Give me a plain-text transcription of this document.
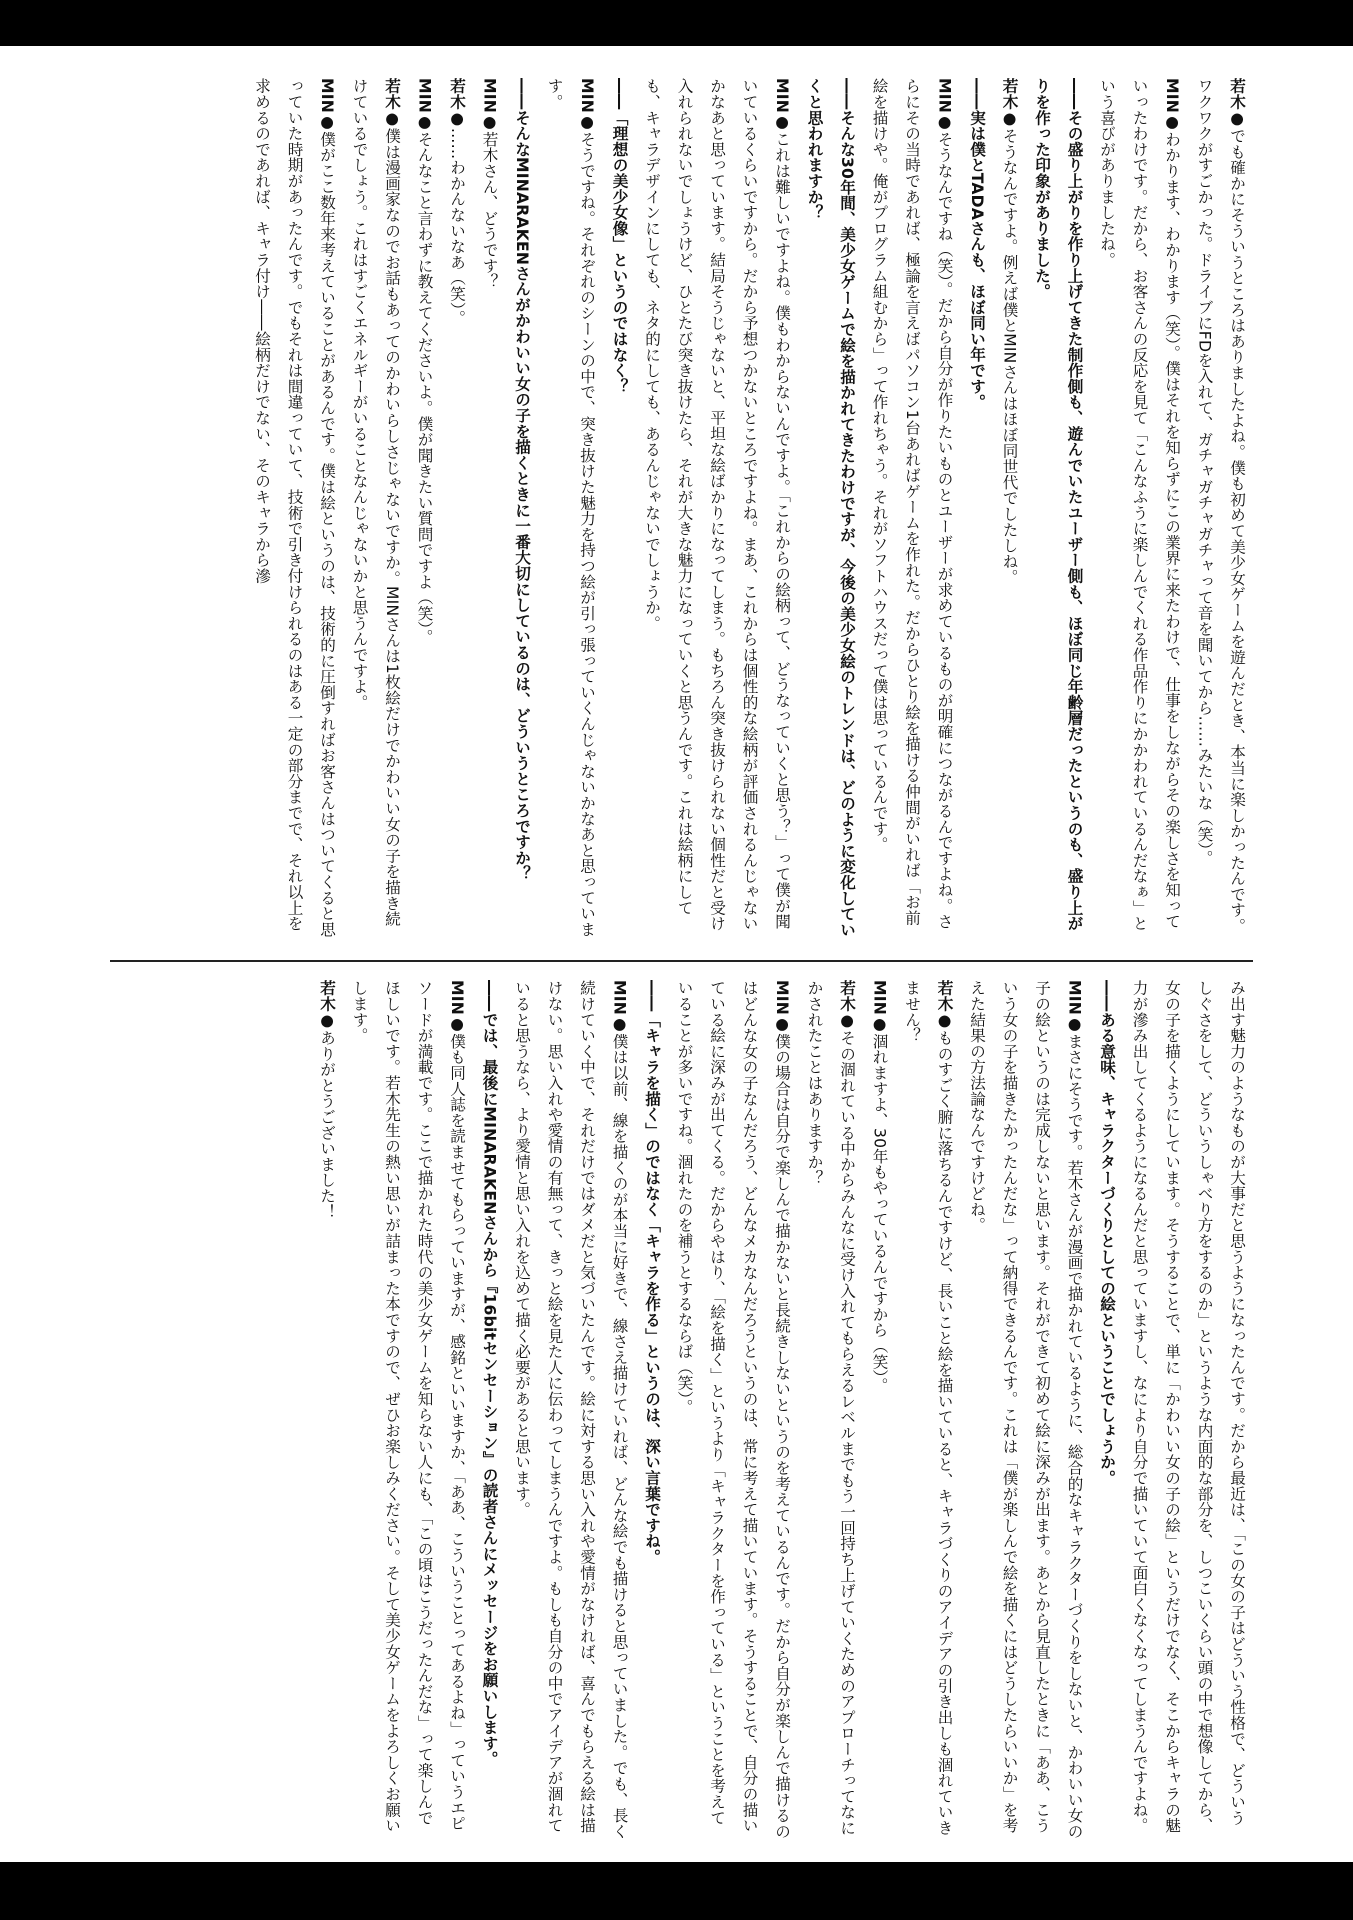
若木●でも確かにそういうところはありましたよね。僕も初めて美少女ゲームを遊んだとき、本当に楽しかったんです。ワクワクがすごかった。ドライブにFDを入れて、ガチャガチャガチャって音を聞いてから……みたいな（笑）。

MIN●わかります、わかります（笑）。僕はそれを知らずにこの業界に来たわけで、仕事をしながらその楽しさを知っていったわけです。だから、お客さんの反応を見て「こんなふうに楽しんでくれる作品作りにかかわれているんだなぁ」という喜びがありましたね。

――その盛り上がりを作り上げてきた制作側も、遊んでいたユーザー側も、ほぼ同じ年齢層だったというのも、盛り上がりを作った印象がありました。

若木●そうなんですよ。例えば僕とMINさんはほぼ同世代でしたしね。

――実は僕とTADAさんも、ほぼ同い年です。

MIN●そうなんですね（笑）。だから自分が作りたいものとユーザーが求めているものが明確につながるんですよね。さらにその当時であれば、極論を言えばパソコン1台あればゲームを作れた。だからひとり絵を描ける仲間がいれば「お前絵を描けや。俺がプログラム組むから」って作れちゃう。それがソフトハウスだって僕は思っているんです。

――そんな30年間、美少女ゲームで絵を描かれてきたわけですが、今後の美少女絵のトレンドは、どのように変化していくと思われますか？

MIN●これは難しいですよね。僕もわからないんですよ。「これからの絵柄って、どうなっていくと思う？」って僕が聞いているくらいですから。だから予想つかないところですよね。まあ、これからは個性的な絵柄が評価されるんじゃないかなあと思っています。結局そうじゃないと、平坦な絵ばかりになってしまう。もちろん突き抜けられない個性だと受け入れられないでしょうけど、ひとたび突き抜けたら、それが大きな魅力になっていくと思うんです。これは絵柄にしても、キャラデザインにしても、ネタ的にしても、あるんじゃないでしょうか。

――「理想の美少女像」というのではなく？

MIN●そうですね。それぞれのシーンの中で、突き抜けた魅力を持つ絵が引っ張っていくんじゃないかなあと思っています。

――そんなMINARAKENさんがかわいい女の子を描くときに一番大切にしているのは、どういうところですか？

MIN●若木さん、どうです？

若木●……わかんないなあ（笑）。

MIN●そんなこと言わずに教えてくださいよ。僕が聞きたい質問ですよ（笑）。

若木●僕は漫画家なのでお話もあってのかわいらしさじゃないですか。MINさんは1枚絵だけでかわいい女の子を描き続けているでしょう。これはすごくエネルギーがいることなんじゃないかと思うんですよ。

MIN●僕がここ数年来考えていることがあるんです。僕は絵というのは、技術的に圧倒すればお客さんはついてくると思っていた時期があったんです。でもそれは間違っていて、技術で引き付けられるのはある一定の部分までで、それ以上を求めるのであれば、キャラ付け――絵柄だけでない、そのキャラから滲

み出す魅力のようなものが大事だと思うようになったんです。だから最近は、「この女の子はどういう性格で、どういうしぐさをして、どういうしゃべり方をするのか」というような内面的な部分を、しつこいくらい頭の中で想像してから、女の子を描くようにしています。そうすることで、単に「かわいい女の子の絵」というだけでなく、そこからキャラの魅力が滲み出してくるようになるんだと思っていますし、なにより自分で描いていて面白くなくなってしまうんですよね。

――ある意味、キャラクターづくりとしての絵ということでしょうか。

MIN●まさにそうです。若木さんが漫画で描かれているように、総合的なキャラクターづくりをしないと、かわいい女の子の絵というのは完成しないと思います。それができて初めて絵に深みが出ます。あとから見直したときに「ああ、こういう女の子を描きたかったんだな」って納得できるんです。これは「僕が楽しんで絵を描くにはどうしたらいいか」を考えた結果の方法論なんですけどね。

若木●ものすごく腑に落ちるんですけど、長いこと絵を描いていると、キャラづくりのアイデアの引き出しも涸れていきません？

MIN●涸れますよ、30年もやっているんですから（笑）。

若木●その涸れている中からみんなに受け入れてもらえるレベルまでもう一回持ち上げていくためのアプローチってなにかされたことはありますか？

MIN●僕の場合は自分で楽しんで描かないと長続きしないというのを考えているんです。だから自分が楽しんで描けるのはどんな女の子なんだろう、どんなメカなんだろうというのは、常に考えて描いています。そうすることで、自分の描いている絵に深みが出てくる。だからやはり、「絵を描く」というより「キャラクターを作っている」ということを考えていることが多いですね。涸れたのを補うとするならば（笑）。

――「キャラを描く」のではなく「キャラを作る」というのは、深い言葉ですね。

MIN●僕は以前、線を描くのが本当に好きで、線さえ描けていれば、どんな絵でも描けると思っていました。でも、長く続けていく中で、それだけではダメだと気づいたんです。絵に対する思い入れや愛情がなければ、喜んでもらえる絵は描けない。思い入れや愛情の有無って、きっと絵を見た人に伝わってしまうんですよ。もしも自分の中でアイデアが涸れていると思うなら、より愛情と思い入れを込めて描く必要があると思います。

――では、最後にMINARAKENさんから『16bitセンセーション』の読者さんにメッセージをお願いします。

MIN●僕も同人誌を読ませてもらっていますが、感銘といいますか、「ああ、こういうことってあるよね」っていうエピソードが満載です。ここで描かれた時代の美少女ゲームを知らない人にも、「この頃はこうだったんだな」って楽しんでほしいです。若木先生の熱い思いが詰まった本ですので、ぜひお楽しみください。そして美少女ゲームをよろしくお願いします。

若木●ありがとうございました！
